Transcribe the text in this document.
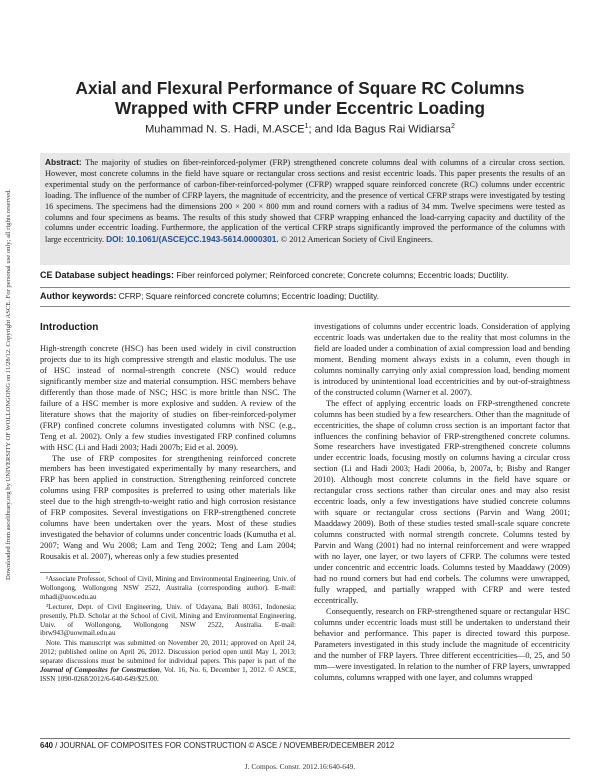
Downloaded from ascelibrary.org by UNIVERSITY OF WOLLONGONG on 11/28/12. Copyright ASCE. For personal use only; all rights reserved.
Axial and Flexural Performance of Square RC Columns
Wrapped with CFRP under Eccentric Loading
Muhammad N. S. Hadi, M.ASCE$^1$; and Ida Bagus Rai Widiarsa$^2$
Abstract: The majority of studies on fiber-reinforced-polymer (FRP) strengthened concrete columns deal with columns of a circular cross section. However, most concrete columns in the field have square or rectangular cross sections and resist eccentric loads. This paper presents the results of an experimental study on the performance of carbon-fiber-reinforced-polymer (CFRP) wrapped square reinforced concrete (RC) columns under eccentric loading. The influence of the number of CFRP layers, the magnitude of eccentricity, and the presence of vertical CFRP straps were investigated by testing 16 specimens. The specimens had the dimensions 200 × 200 × 800 mm and round corners with a radius of 34 mm. Twelve specimens were tested as columns and four specimens as beams. The results of this study showed that CFRP wrapping enhanced the load-carrying capacity and ductility of the columns under eccentric loading. Furthermore, the application of the vertical CFRP straps significantly improved the performance of the columns with large eccentricity. DOI: 10.1061/(ASCE)CC.1943-5614.0000301. © 2012 American Society of Civil Engineers.
CE Database subject headings: Fiber reinforced polymer; Reinforced concrete; Concrete columns; Eccentric loads; Ductility.
Author keywords: CFRP; Square reinforced concrete columns; Eccentric loading; Ductility.
Introduction

High-strength concrete (HSC) has been used widely in civil construction projects due to its high compressive strength and elastic modulus. The use of HSC instead of normal-strength concrete (NSC) would reduce significantly member size and material consumption. HSC members behave differently than those made of NSC; HSC is more brittle than NSC. The failure of a HSC member is more explosive and sudden. A review of the literature shows that the majority of studies on fiber-reinforced-polymer (FRP) confined concrete columns investigated columns with NSC (e.g., Teng et al. 2002). Only a few studies investigated FRP confined columns with HSC (Li and Hadi 2003; Hadi 2007b; Eid et al. 2009).

The use of FRP composites for strengthening reinforced concrete members has been investigated experimentally by many researchers, and FRP has been applied in construction. Strengthening reinforced concrete columns using FRP composites is preferred to using other materials like steel due to the high strength-to-weight ratio and high corrosion resistance of FRP composites. Several investigations on FRP-strengthened concrete columns have been undertaken over the years. Most of these studies investigated the behavior of columns under concentric loads (Kumutha et al. 2007; Wang and Wu 2008; Lam and Teng 2002; Teng and Lam 2004; Rousakis et al. 2007), whereas only a few studies presented

investigations of columns under eccentric loads. Consideration of applying eccentric loads was undertaken due to the reality that most columns in the field are loaded under a combination of axial compression load and bending moment. Bending moment always exists in a column, even though in columns nominally carrying only axial compression load, bending moment is introduced by unintentional load eccentricities and by out-of-straightness of the constructed column (Warner et al. 2007).

The effect of applying eccentric loads on FRP-strengthened concrete columns has been studied by a few researchers. Other than the magnitude of eccentricities, the shape of column cross section is an important factor that influences the confining behavior of FRP-strengthened concrete columns. Some researchers have investigated FRP-strengthened concrete columns under eccentric loads, focusing mostly on columns having a circular cross section (Li and Hadi 2003; Hadi 2006a, b, 2007a, b; Bisby and Ranger 2010). Although most concrete columns in the field have square or rectangular cross sections rather than circular ones and may also resist eccentric loads, only a few investigations have studied concrete columns with square or rectangular cross sections (Parvin and Wang 2001; Maaddawy 2009). Both of these studies tested small-scale square concrete columns constructed with normal strength concrete. Columns tested by Parvin and Wang (2001) had no internal reinforcement and were wrapped with no layer, one layer, or two layers of CFRP. The columns were tested under concentric and eccentric loads. Columns tested by Maaddawy (2009) had no round corners but had end corbels. The columns were unwrapped, fully wrapped, and partially wrapped with CFRP and were tested eccentrically.

Consequently, research on FRP-strengthened square or rectangular HSC columns under eccentric loads must still be undertaken to understand their behavior and performance. This paper is directed toward this purpose. Parameters investigated in this study include the magnitude of eccentricity and the number of FRP layers. Three different eccentricities—0, 25, and 50 mm—were investigated. In relation to the number of FRP layers, unwrapped columns, columns wrapped with one layer, and columns wrapped

¹Associate Professor, School of Civil, Mining and Environmental Engineering, Univ. of Wollongong, Wollongong NSW 2522, Australia (corresponding author). E-mail: mhadi@uow.edu.au

²Lecturer, Dept. of Civil Engineering, Univ. of Udayana, Bali 80361, Indonesia; presently, Ph.D. Scholar at the School of Civil, Mining and Environmental Engineering, Univ. of Wollongong, Wollongong NSW 2522, Australia. E-mail: ibrw943@uowmail.edu.au

Note. This manuscript was submitted on November 20, 2011; approved on April 24, 2012; published online on April 26, 2012. Discussion period open until May 1, 2013; separate discussions must be submitted for individual papers. This paper is part of the Journal of Composites for Construction, Vol. 16, No. 6, December 1, 2012. © ASCE, ISSN 1090-0268/2012/6-640-649/$25.00.

640 / JOURNAL OF COMPOSITES FOR CONSTRUCTION © ASCE / NOVEMBER/DECEMBER 2012
J. Compos. Constr. 2012.16:640-649.
